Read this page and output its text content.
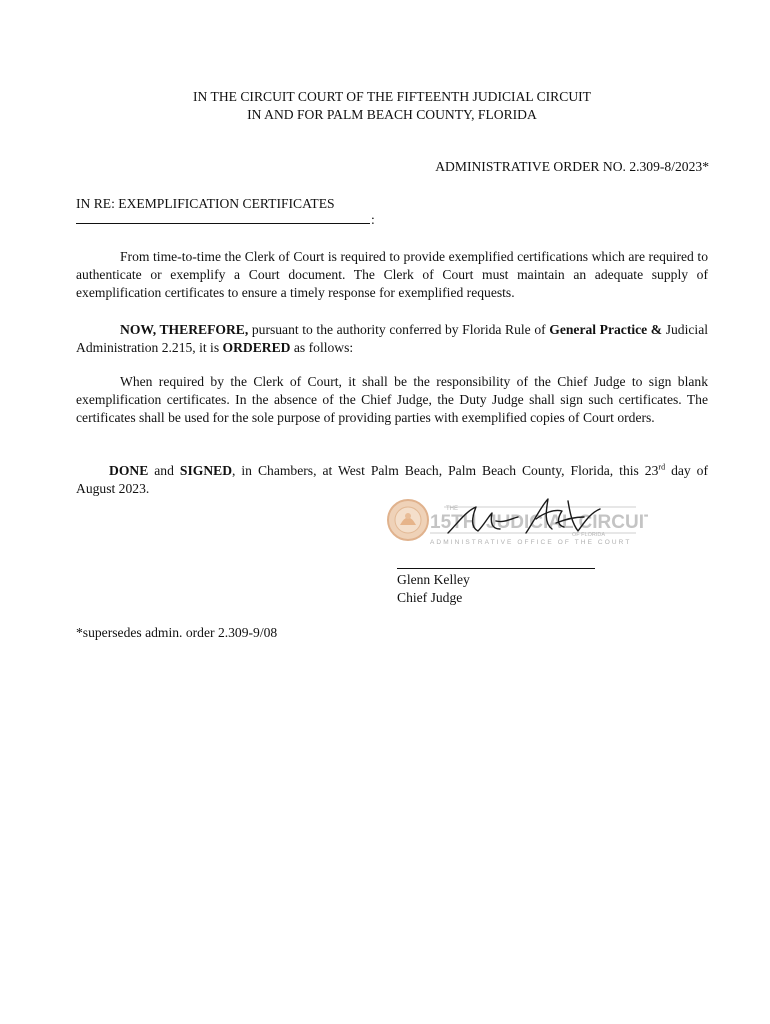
IN THE CIRCUIT COURT OF THE FIFTEENTH JUDICIAL CIRCUIT
IN AND FOR PALM BEACH COUNTY, FLORIDA
ADMINISTRATIVE ORDER NO. 2.309-8/2023*
IN RE: EXEMPLIFICATION CERTIFICATES
:
From time-to-time the Clerk of Court is required to provide exemplified certifications which are required to authenticate or exemplify a Court document. The Clerk of Court must maintain an adequate supply of exemplification certificates to ensure a timely response for exemplified requests.
NOW, THEREFORE, pursuant to the authority conferred by Florida Rule of General Practice & Judicial Administration 2.215, it is ORDERED as follows:
When required by the Clerk of Court, it shall be the responsibility of the Chief Judge to sign blank exemplification certificates. In the absence of the Chief Judge, the Duty Judge shall sign such certificates. The certificates shall be used for the sole purpose of providing parties with exemplified copies of Court orders.
DONE and SIGNED, in Chambers, at West Palm Beach, Palm Beach County, Florida, this 23rd day of August 2023.
THE
15TH JUDICIAL CIRCUIT
OF FLORIDA
ADMINISTRATIVE OFFICE OF THE COURT
Glenn Kelley
Chief Judge
*supersedes admin. order 2.309-9/08
